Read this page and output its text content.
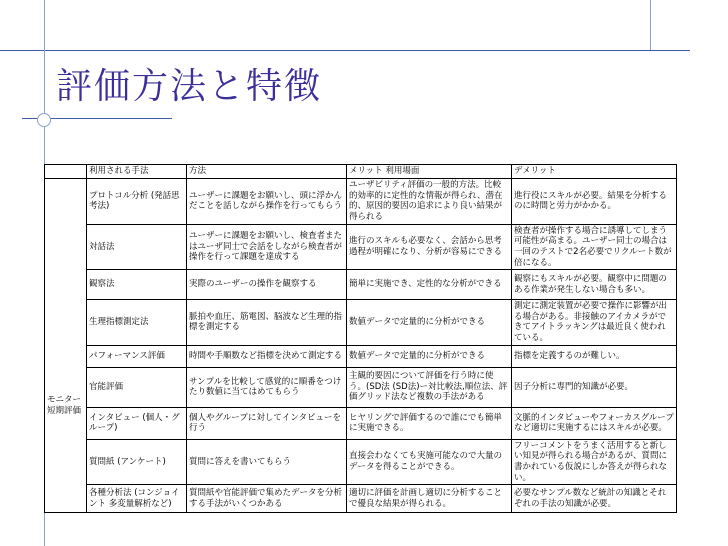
評価方法と特徴
	利用される手法	方法	メリット 利用場面	デメリット
	プロトコル分析 (発話思考法)	ユーザーに課題をお願いし、頭に浮かんだことを話しながら操作を行ってもらう	ユーザビリティ評価の一般的方法。比較的効率的に定性的な情報が得られ、潜在的、原因的要因の追求により良い結果が得られる	進行役にスキルが必要。結果を分析するのに時間と労力がかかる。
	対話法	ユーザーに課題をお願いし、検査者またはユーザ同士で会話をしながら検査者が操作を行って課題を達成する	進行のスキルも必要なく、会話から思考過程が明確になり、分析が容易にできる	検査者が操作する場合に誘導してしまう可能性が高まる。ユーザー同士の場合は一回のテストで2名必要でリクルート数が倍になる。
	観察法	実際のユーザーの操作を観察する	簡単に実施でき、定性的な分析ができる	観察にもスキルが必要。観察中に問題のある作業が発生しない場合も多い。
モニター 短期評価	生理指標測定法	脈拍や血圧、筋電図、脳波など生理的指標を測定する	数値データで定量的に分析ができる	測定に測定装置が必要で操作に影響が出る場合がある。非接触のアイカメラができてアイトラッキングは最近良く使われている。
	パフォーマンス評価	時間や手順数など指標を決めて測定する	数値データで定量的に分析ができる	指標を定義するのが難しい。
	官能評価	サンプルを比較して感覚的に順番をつけたり数値に当てはめてもらう	主観的要因について評価を行う時に使う。(SD法 (SD法)ー対比較法,順位法、評価グリッド法など複数の手法がある	因子分析に専門的知識が必要。
	インタビュー (個人・グループ)	個人やグループに対してインタビューを行う	ヒヤリングで評価するので誰にでも簡単に実施できる。	文脈的インタビューやフォーカスグループなど適切に実施するにはスキルが必要。
	質問紙 (アンケート)	質問に答えを書いてもらう	直接会わなくても実施可能なので大量のデータを得ることができる。	フリーコメントをうまく活用すると新しい知見が得られる場合があるが、質問に書かれている仮説にしか答えが得られない。
	各種分析法 (コンジョイント 多変量解析など)	質問紙や官能評価で集めたデータを分析する手法がいくつかある	適切に評価を計画し適切に分析することで優良な結果が得られる。	必要なサンプル数など統計の知識とそれぞれの手法の知識が必要。
